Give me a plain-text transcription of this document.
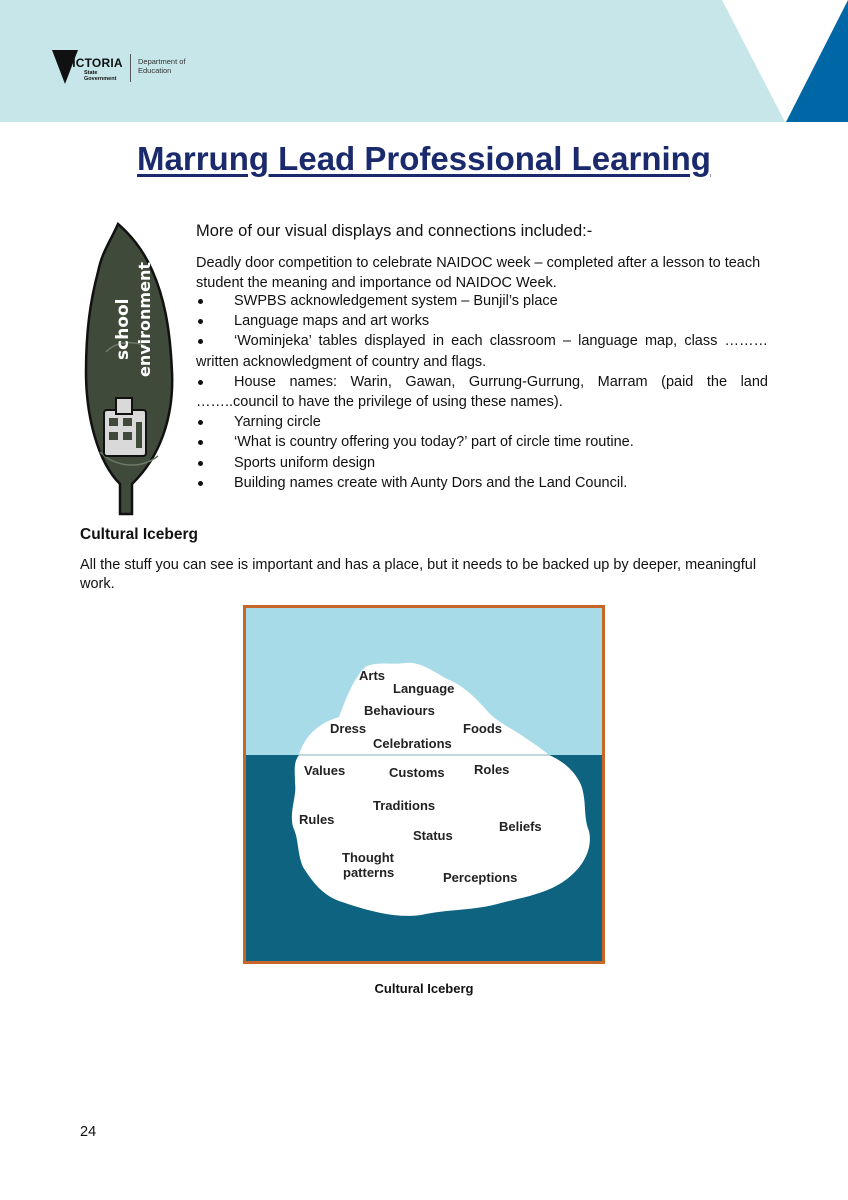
VICTORIA
State Government
Department of Education
Marrung Lead Professional Learning
school environment
More of our visual displays and connections included:-

Deadly door competition to celebrate NAIDOC week – completed after a lesson to teach student the meaning and importance od NAIDOC Week.

SWPBS acknowledgement system – Bunjil’s place
Language maps and art works
‘Wominjeka’ tables displayed in each classroom – language map, class ………written acknowledgment of country and flags.
House names: Warin, Gawan, Gurrung-Gurrung, Marram (paid the land ……..council to have the privilege of using these names).
Yarning circle
‘What is country offering you today?’ part of circle time routine.
Sports uniform design
Building names create with Aunty Dors and the Land Council.
Cultural Iceberg

All the stuff you can see is important and has a place, but it needs to be backed up by deeper, meaningful work.

Arts
Language
Behaviours
Dress	Foods
Celebrations
Values	Customs Roles
Traditions
Rules
Status
Beliefs
Thought
patterns	Perceptions
Cultural Iceberg
24
